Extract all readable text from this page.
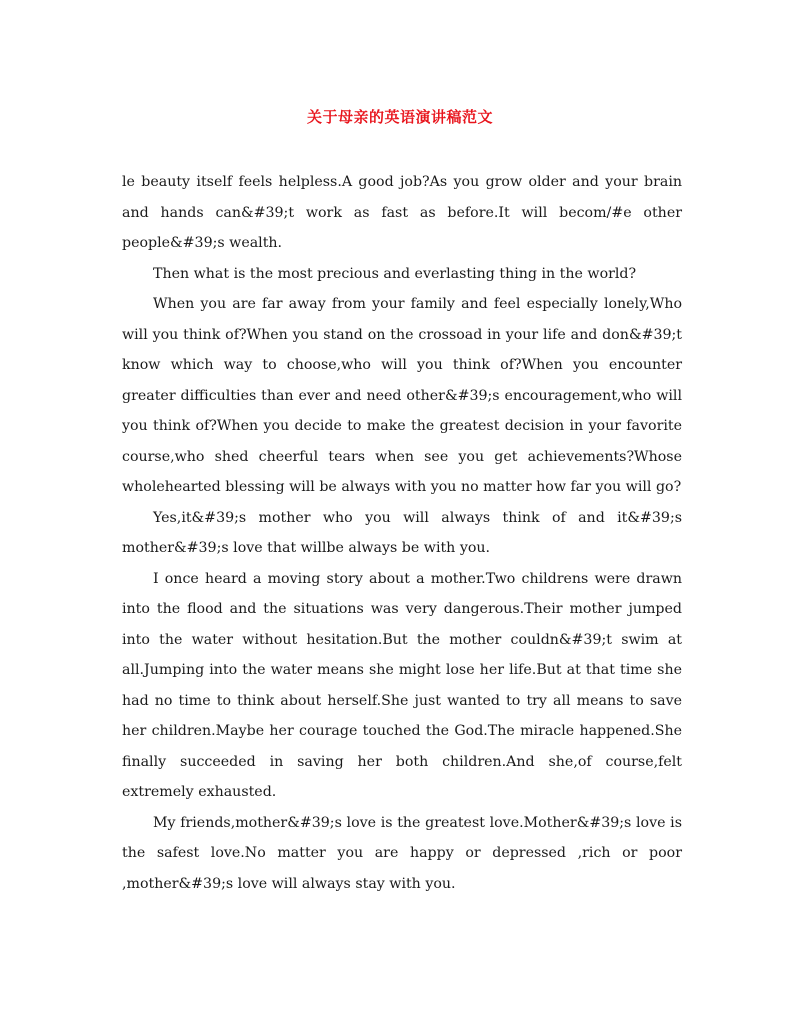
关于母亲的英语演讲稿范文

le beauty itself feels helpless.A good job?As you grow older and your brain and hands can&#39;t work as fast as before.It will becom/#e other people&#39;s wealth.

Then what is the most precious and everlasting thing in the world?

When you are far away from your family and feel especially lonely,Who will you think of?When you stand on the crossoad in your life and don&#39;t know which way to choose,who will you think of?When you encounter greater difficulties than ever and need other&#39;s encouragement,who will you think of?When you decide to make the greatest decision in your favorite course,who shed cheerful tears when see you get achievements?Whose wholehearted blessing will be always with you no matter how far you will go?

Yes,it&#39;s mother who you will always think of and it&#39;s mother&#39;s love that willbe always be with you.

I once heard a moving story about a mother.Two childrens were drawn into the flood and the situations was very dangerous.Their mother jumped into the water without hesitation.But the mother couldn&#39;t swim at all.Jumping into the water means she might lose her life.But at that time she had no time to think about herself.She just wanted to try all means to save her children.Maybe her courage touched the God.The miracle happened.She finally succeeded in saving her both children.And she,of course,felt extremely exhausted.

My friends,mother&#39;s love is the greatest love.Mother&#39;s love is the safest love.No matter you are happy or depressed ,rich or poor ,mother&#39;s love will always stay with you.
